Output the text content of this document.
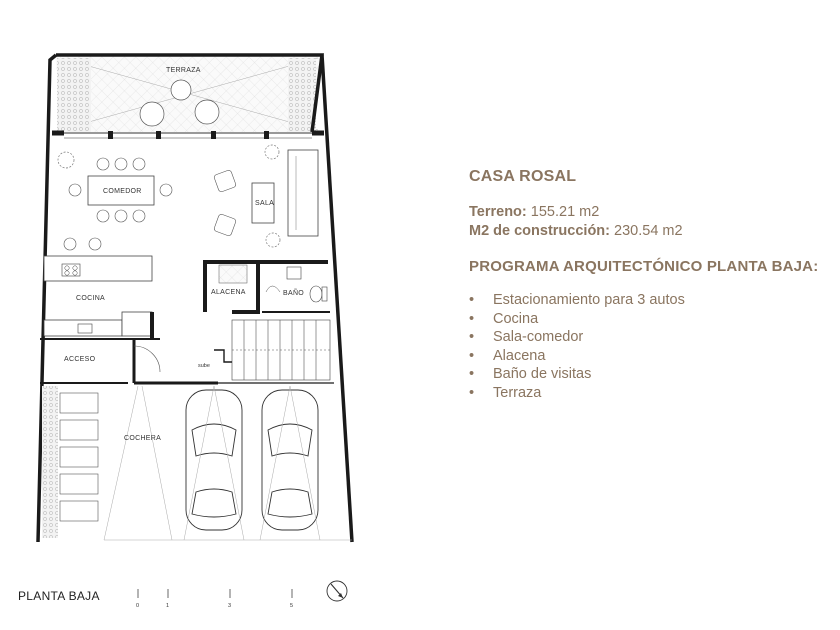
TERRAZA
COMEDOR
SALA
COCINA
ALACENA	BAÑO
sube
ACCESO
COCHERA
0	1	3	5
PLANTA BAJA
CASA ROSAL
Terreno: 155.21 m2
M2 de construcción: 230.54 m2
PROGRAMA ARQUITECTÓNICO PLANTA BAJA:
• Estacionamiento para 3 autos
• Cocina
• Sala-comedor
• Alacena
• Baño de visitas
• Terraza
